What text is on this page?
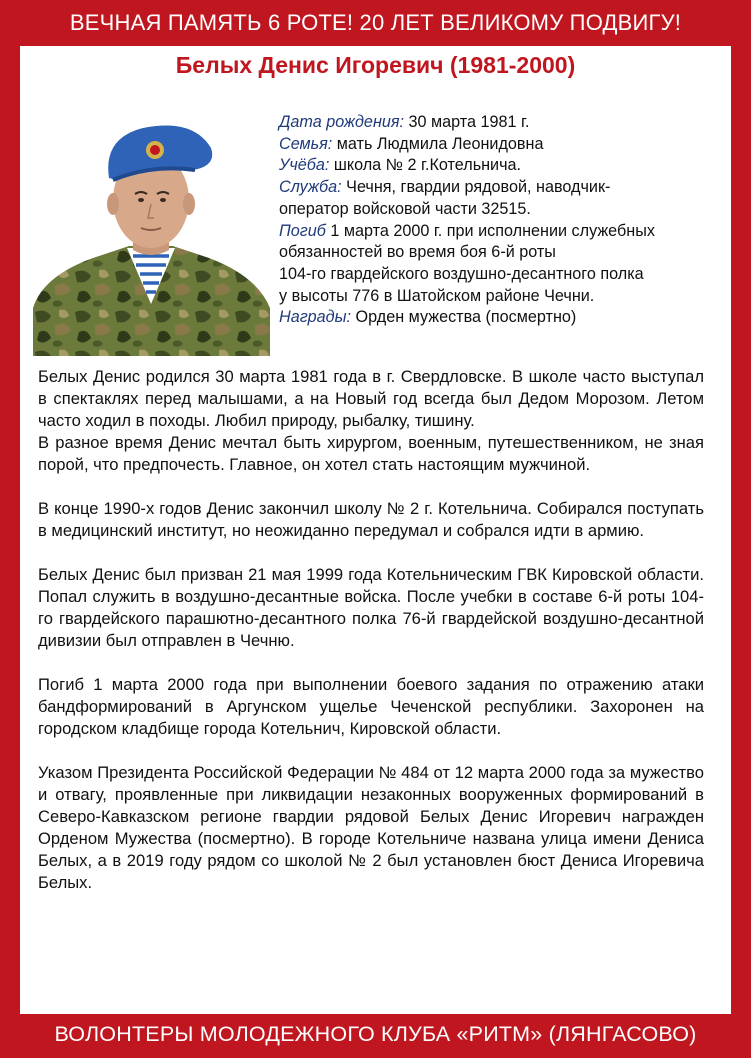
ВЕЧНАЯ ПАМЯТЬ 6 РОТЕ! 20 ЛЕТ ВЕЛИКОМУ ПОДВИГУ!
Белых Денис Игоревич (1981-2000)
Дата рождения: 30 марта 1981 г.
Семья: мать Людмила Леонидовна
Учёба: школа № 2 г.Котельнича.
Служба: Чечня, гвардии рядовой, наводчик-
оператор войсковой части 32515.
Погиб 1 марта 2000 г. при исполнении служебных
обязанностей во время боя 6-й роты
104-го гвардейского воздушно-десантного полка
у высоты 776 в Шатойском районе Чечни.
Награды: Орден мужества (посмертно)

Белых Денис родился 30 марта 1981 года в г. Свердловске. В школе часто выступал в спектаклях перед малышами, а на Новый год всегда был Дедом Морозом. Летом часто ходил в походы. Любил природу, рыбалку, тишину.

В разное время Денис мечтал быть хирургом, военным, путешественником, не зная порой, что предпочесть. Главное, он хотел стать настоящим мужчиной.

В конце 1990-х годов Денис закончил школу № 2 г. Котельнича. Собирался поступать в медицинский институт, но неожиданно передумал и собрался идти в армию.

Белых Денис был призван 21 мая 1999 года Котельническим ГВК Кировской области. Попал служить в воздушно-десантные войска. После учебки в составе 6-й роты 104-го гвардейского парашютно-десантного полка 76-й гвардейской воздушно-десантной дивизии был отправлен в Чечню.

Погиб 1 марта 2000 года при выполнении боевого задания по отражению атаки бандформирований в Аргунском ущелье Чеченской республики. Захоронен на городском кладбище города Котельнич, Кировской области.

Указом Президента Российской Федерации № 484 от 12 марта 2000 года за мужество и отвагу, проявленные при ликвидации незаконных вооруженных формирований в Северо-Кавказском регионе гвардии рядовой Белых Денис Игоревич награжден Орденом Мужества (посмертно). В городе Котельниче названа улица имени Дениса Белых, а в 2019 году рядом со школой № 2 был установлен бюст Дениса Игоревича Белых.

ВОЛОНТЕРЫ МОЛОДЕЖНОГО КЛУБА «РИТМ» (ЛЯНГАСОВО)
